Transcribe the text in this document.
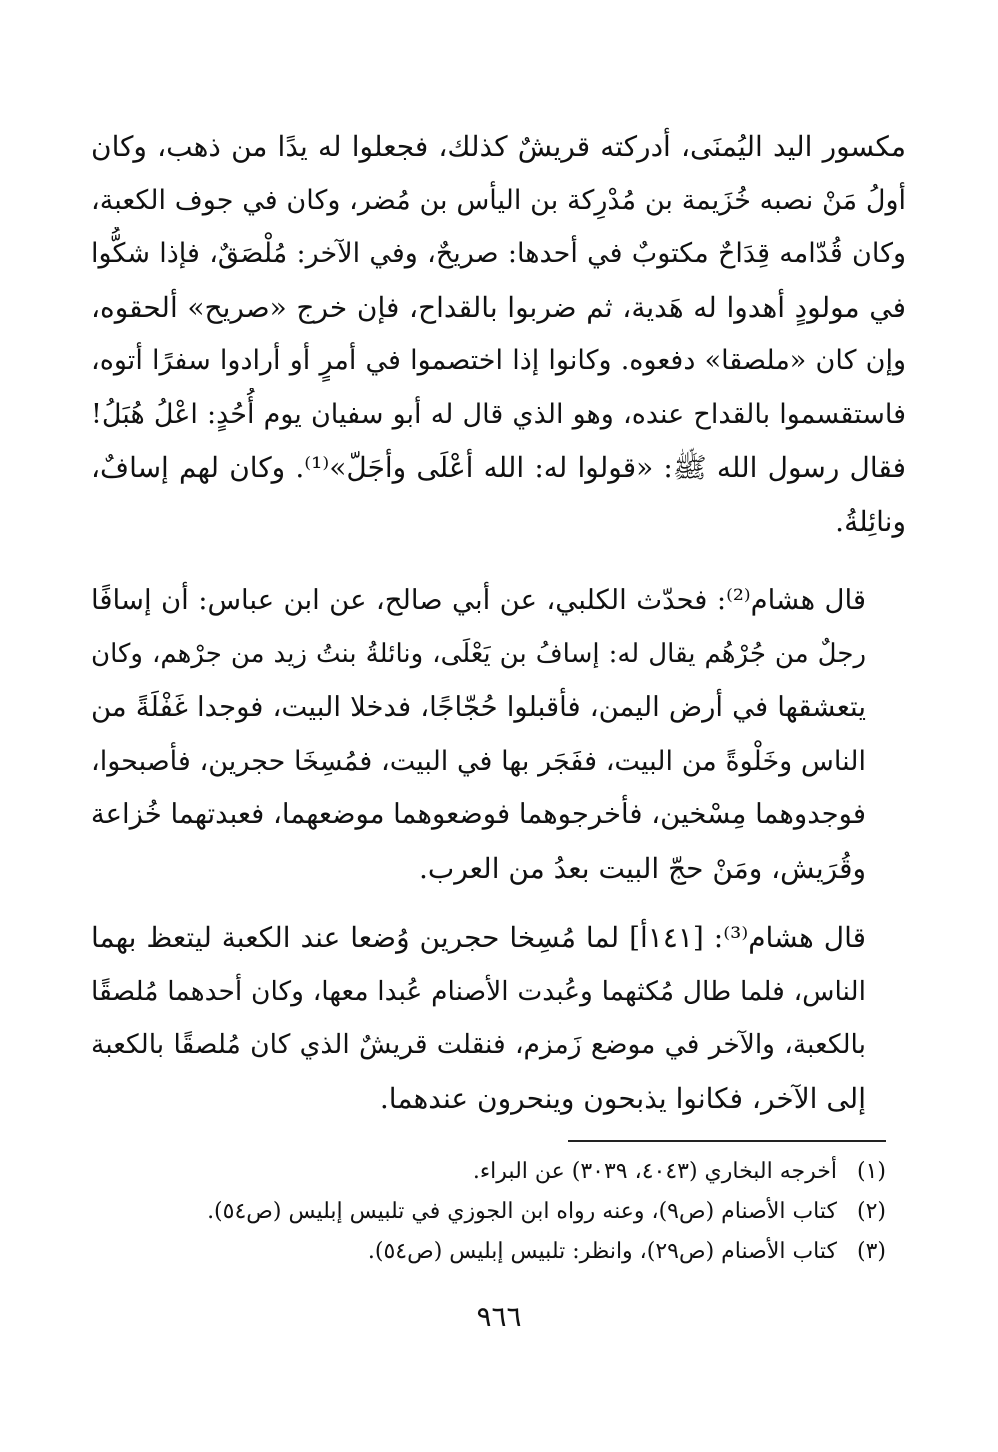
مكسور اليد اليُمنَى، أدركته قريشٌ كذلك، فجعلوا له يدًا من ذهب، وكان
أولُ مَنْ نصبه خُزَيمة بن مُدْرِكة بن اليأس بن مُضر، وكان في جوف الكعبة،
وكان قُدّامه قِدَاحٌ مكتوبٌ في أحدها: صريحٌ، وفي الآخر: مُلْصَقٌ، فإذا شكُّوا
في مولودٍ أهدوا له هَدية، ثم ضربوا بالقداح، فإن خرج «صريح» ألحقوه،
وإن كان «ملصقا» دفعوه. وكانوا إذا اختصموا في أمرٍ أو أرادوا سفرًا أتوه،
فاستقسموا بالقداح عنده، وهو الذي قال له أبو سفيان يوم أُحُدٍ: اعْلُ هُبَلُ!
فقال رسول الله ﷺ: «قولوا له: الله أعْلَى وأجَلّ»⁽¹⁾. وكان لهم إسافٌ،
ونائِلةُ.

قال هشام⁽²⁾: فحدّث الكلبي، عن أبي صالح، عن ابن عباس: أن إسافًا
رجلٌ من جُرْهُم يقال له: إسافُ بن يَعْلَى، ونائلةُ بنتُ زيد من جرْهم، وكان
يتعشقها في أرض اليمن، فأقبلوا حُجّاجًا، فدخلا البيت، فوجدا غَفْلَةً من
الناس وخَلْوةً من البيت، ففَجَر بها في البيت، فمُسِخَا حجرين، فأصبحوا،
فوجدوهما مِسْخين، فأخرجوهما فوضعوهما موضعهما، فعبدتهما خُزاعة
وقُرَيش، ومَنْ حجّ البيت بعدُ من العرب.

قال هشام⁽³⁾: [١٤١أ] لما مُسِخا حجرين وُضعا عند الكعبة ليتعظ بهما
الناس، فلما طال مُكثهما وعُبدت الأصنام عُبدا معها، وكان أحدهما مُلصقًا
بالكعبة، والآخر في موضع زَمزم، فنقلت قريشٌ الذي كان مُلصقًا بالكعبة
إلى الآخر، فكانوا يذبحون وينحرون عندهما.

(١) أخرجه البخاري (٤٠٤٣، ٣٠٣٩) عن البراء.
(٢) كتاب الأصنام (ص٩)، وعنه رواه ابن الجوزي في تلبيس إبليس (ص٥٤).
(٣) كتاب الأصنام (ص٢٩)، وانظر: تلبيس إبليس (ص٥٤).
٩٦٦
